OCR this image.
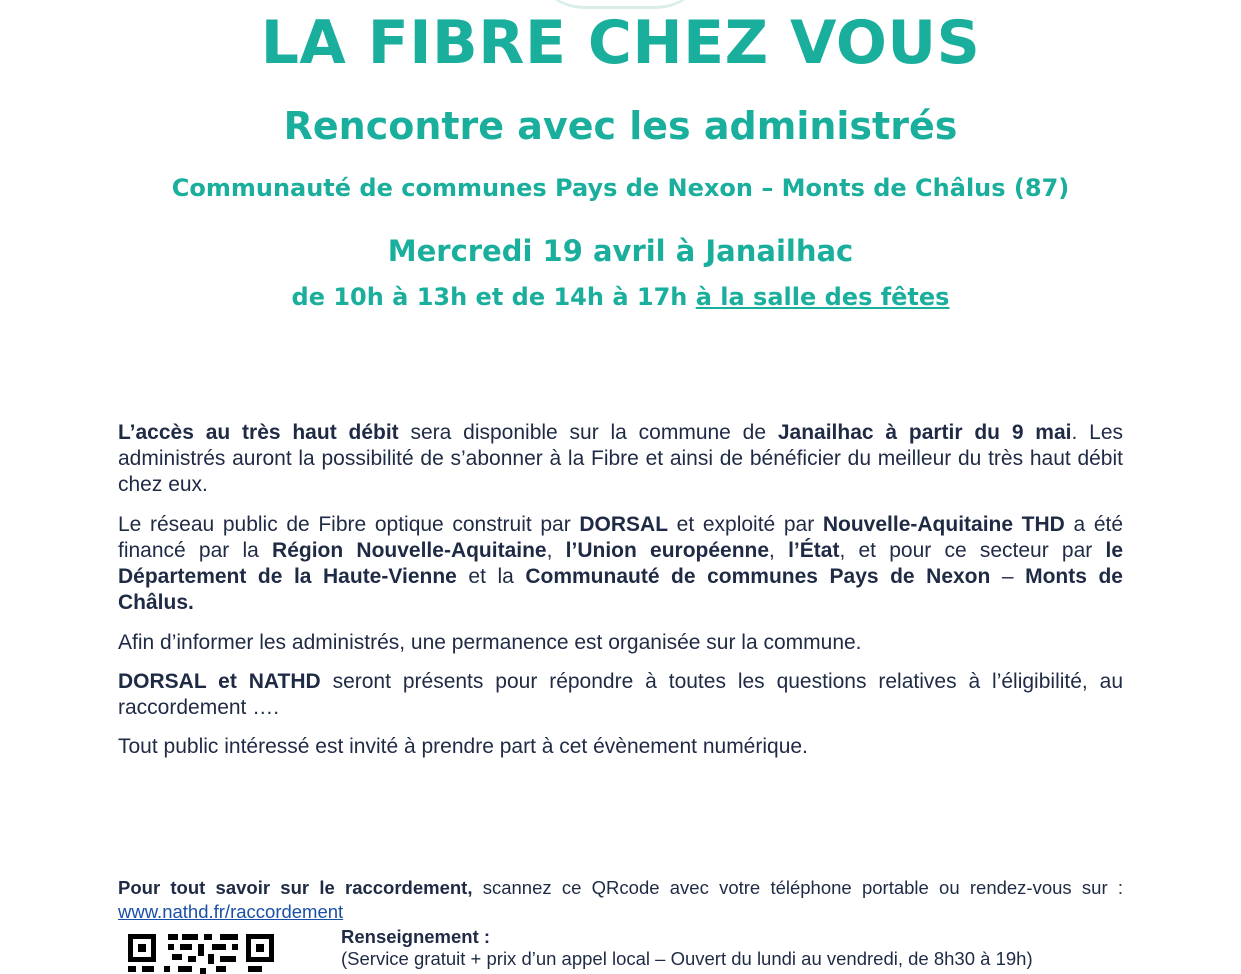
LA FIBRE CHEZ VOUS
Rencontre avec les administrés
Communauté de communes Pays de Nexon – Monts de Châlus (87)
Mercredi 19 avril à Janailhac
de 10h à 13h et de 14h à 17h à la salle des fêtes

L’accès au très haut débit sera disponible sur la commune de Janailhac à partir du 9 mai. Les administrés auront la possibilité de s’abonner à la Fibre et ainsi de bénéficier du meilleur du très haut débit chez eux.

Le réseau public de Fibre optique construit par DORSAL et exploité par Nouvelle-Aquitaine THD a été financé par la Région Nouvelle-Aquitaine, l’Union européenne, l’État, et pour ce secteur par le Département de la Haute-Vienne et la Communauté de communes Pays de Nexon – Monts de Châlus.

Afin d’informer les administrés, une permanence est organisée sur la commune.

DORSAL et NATHD seront présents pour répondre à toutes les questions relatives à l’éligibilité, au raccordement ….

Tout public intéressé est invité à prendre part à cet évènement numérique.

Pour tout savoir sur le raccordement, scannez ce QRcode avec votre téléphone portable ou rendez-vous sur : www.nathd.fr/raccordement

Renseignement :
(Service gratuit + prix d’un appel local – Ouvert du lundi au vendredi, de 8h30 à 19h)
